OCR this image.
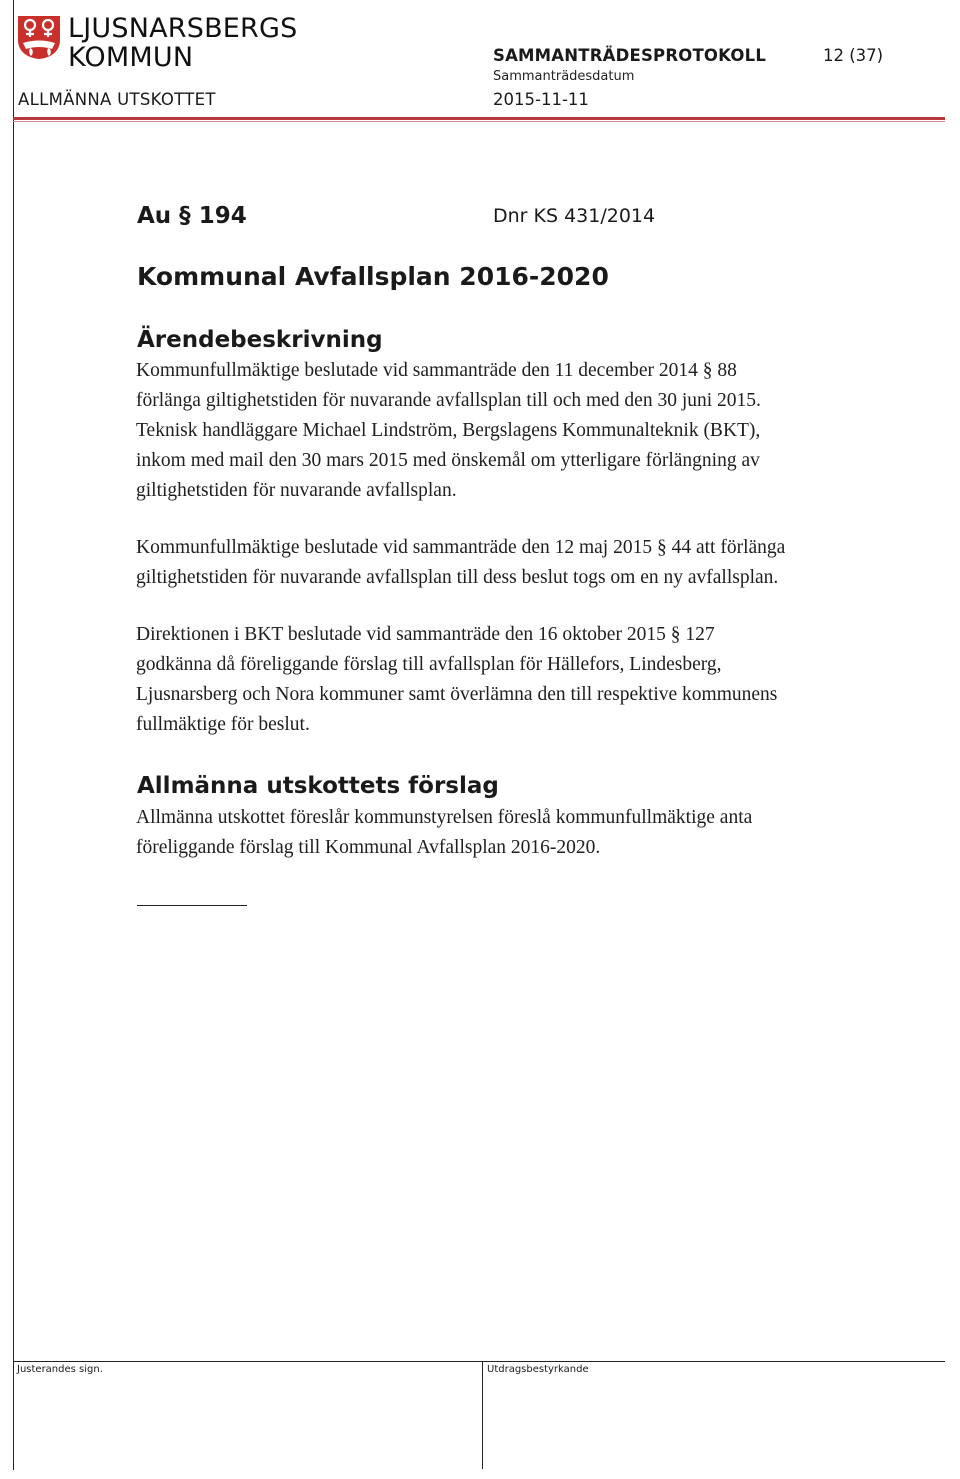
LJUSNARSBERGS
KOMMUN	SAMMANTRÄDESPROTOKOLL	12 (37)
Sammanträdesdatum
ALLMÄNNA UTSKOTTET	2015-11-11
Au § 194	Dnr KS 431/2014
Kommunal Avfallsplan 2016-2020
Ärendebeskrivning
Kommunfullmäktige beslutade vid sammanträde den 11 december 2014 § 88
förlänga giltighetstiden för nuvarande avfallsplan till och med den 30 juni 2015.
Teknisk handläggare Michael Lindström, Bergslagens Kommunalteknik (BKT),
inkom med mail den 30 mars 2015 med önskemål om ytterligare förlängning av
giltighetstiden för nuvarande avfallsplan.
Kommunfullmäktige beslutade vid sammanträde den 12 maj 2015 § 44 att förlänga
giltighetstiden för nuvarande avfallsplan till dess beslut togs om en ny avfallsplan.
Direktionen i BKT beslutade vid sammanträde den 16 oktober 2015 § 127
godkänna då föreliggande förslag till avfallsplan för Hällefors, Lindesberg,
Ljusnarsberg och Nora kommuner samt överlämna den till respektive kommunens
fullmäktige för beslut.
Allmänna utskottets förslag
Allmänna utskottet föreslår kommunstyrelsen föreslå kommunfullmäktige anta
föreliggande förslag till Kommunal Avfallsplan 2016-2020.
Justerandes sign.	Utdragsbestyrkande
